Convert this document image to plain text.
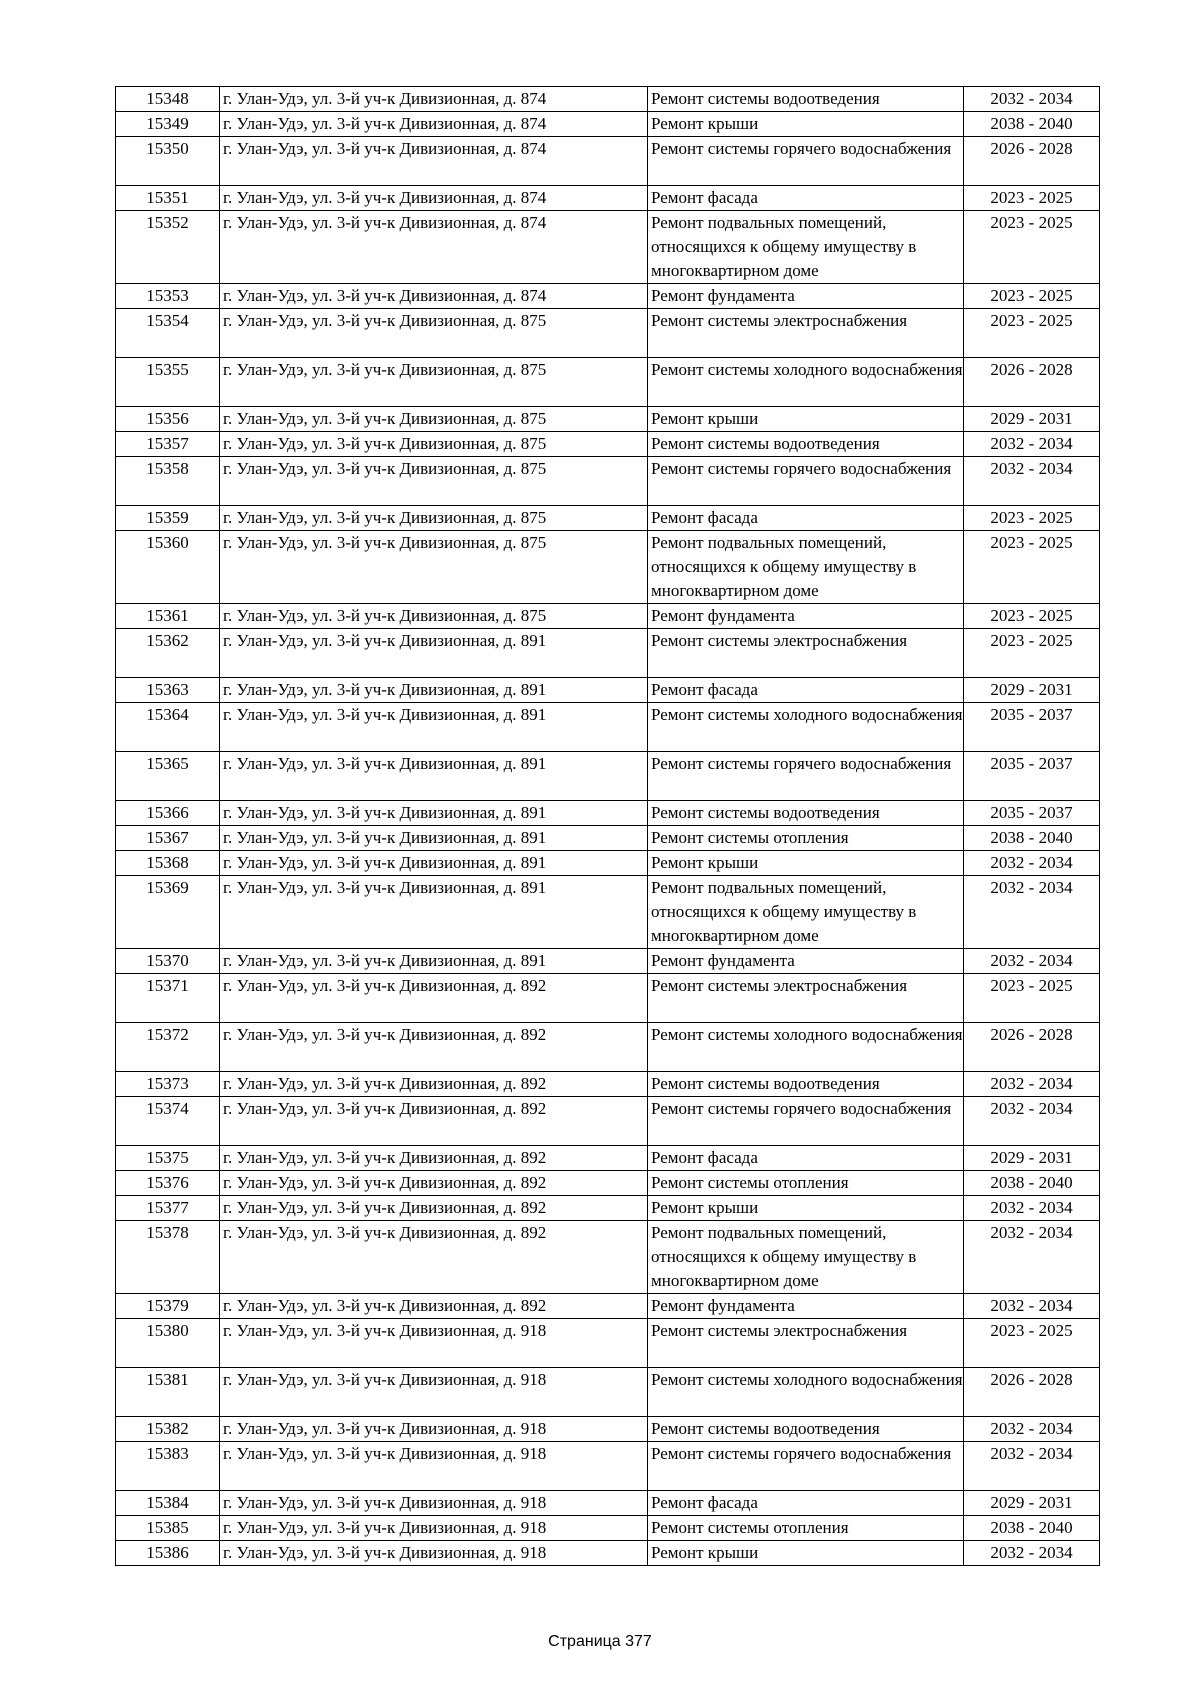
15348	г. Улан-Удэ, ул. 3-й уч-к Дивизионная, д. 874	Ремонт системы водоотведения	2032 - 2034
15349	г. Улан-Удэ, ул. 3-й уч-к Дивизионная, д. 874	Ремонт крыши	2038 - 2040
15350	г. Улан-Удэ, ул. 3-й уч-к Дивизионная, д. 874	Ремонт системы горячего водоснабжения	2026 - 2028
15351	г. Улан-Удэ, ул. 3-й уч-к Дивизионная, д. 874	Ремонт фасада	2023 - 2025
15352	г. Улан-Удэ, ул. 3-й уч-к Дивизионная, д. 874	Ремонт подвальных помещений, относящихся к общему имуществу в многоквартирном доме	2023 - 2025
15353	г. Улан-Удэ, ул. 3-й уч-к Дивизионная, д. 874	Ремонт фундамента	2023 - 2025
15354	г. Улан-Удэ, ул. 3-й уч-к Дивизионная, д. 875	Ремонт системы электроснабжения	2023 - 2025
15355	г. Улан-Удэ, ул. 3-й уч-к Дивизионная, д. 875	Ремонт системы холодного водоснабжения	2026 - 2028
15356	г. Улан-Удэ, ул. 3-й уч-к Дивизионная, д. 875	Ремонт крыши	2029 - 2031
15357	г. Улан-Удэ, ул. 3-й уч-к Дивизионная, д. 875	Ремонт системы водоотведения	2032 - 2034
15358	г. Улан-Удэ, ул. 3-й уч-к Дивизионная, д. 875	Ремонт системы горячего водоснабжения	2032 - 2034
15359	г. Улан-Удэ, ул. 3-й уч-к Дивизионная, д. 875	Ремонт фасада	2023 - 2025
15360	г. Улан-Удэ, ул. 3-й уч-к Дивизионная, д. 875	Ремонт подвальных помещений, относящихся к общему имуществу в многоквартирном доме	2023 - 2025
15361	г. Улан-Удэ, ул. 3-й уч-к Дивизионная, д. 875	Ремонт фундамента	2023 - 2025
15362	г. Улан-Удэ, ул. 3-й уч-к Дивизионная, д. 891	Ремонт системы электроснабжения	2023 - 2025
15363	г. Улан-Удэ, ул. 3-й уч-к Дивизионная, д. 891	Ремонт фасада	2029 - 2031
15364	г. Улан-Удэ, ул. 3-й уч-к Дивизионная, д. 891	Ремонт системы холодного водоснабжения	2035 - 2037
15365	г. Улан-Удэ, ул. 3-й уч-к Дивизионная, д. 891	Ремонт системы горячего водоснабжения	2035 - 2037
15366	г. Улан-Удэ, ул. 3-й уч-к Дивизионная, д. 891	Ремонт системы водоотведения	2035 - 2037
15367	г. Улан-Удэ, ул. 3-й уч-к Дивизионная, д. 891	Ремонт системы отопления	2038 - 2040
15368	г. Улан-Удэ, ул. 3-й уч-к Дивизионная, д. 891	Ремонт крыши	2032 - 2034
15369	г. Улан-Удэ, ул. 3-й уч-к Дивизионная, д. 891	Ремонт подвальных помещений, относящихся к общему имуществу в многоквартирном доме	2032 - 2034
15370	г. Улан-Удэ, ул. 3-й уч-к Дивизионная, д. 891	Ремонт фундамента	2032 - 2034
15371	г. Улан-Удэ, ул. 3-й уч-к Дивизионная, д. 892	Ремонт системы электроснабжения	2023 - 2025
15372	г. Улан-Удэ, ул. 3-й уч-к Дивизионная, д. 892	Ремонт системы холодного водоснабжения	2026 - 2028
15373	г. Улан-Удэ, ул. 3-й уч-к Дивизионная, д. 892	Ремонт системы водоотведения	2032 - 2034
15374	г. Улан-Удэ, ул. 3-й уч-к Дивизионная, д. 892	Ремонт системы горячего водоснабжения	2032 - 2034
15375	г. Улан-Удэ, ул. 3-й уч-к Дивизионная, д. 892	Ремонт фасада	2029 - 2031
15376	г. Улан-Удэ, ул. 3-й уч-к Дивизионная, д. 892	Ремонт системы отопления	2038 - 2040
15377	г. Улан-Удэ, ул. 3-й уч-к Дивизионная, д. 892	Ремонт крыши	2032 - 2034
15378	г. Улан-Удэ, ул. 3-й уч-к Дивизионная, д. 892	Ремонт подвальных помещений, относящихся к общему имуществу в многоквартирном доме	2032 - 2034
15379	г. Улан-Удэ, ул. 3-й уч-к Дивизионная, д. 892	Ремонт фундамента	2032 - 2034
15380	г. Улан-Удэ, ул. 3-й уч-к Дивизионная, д. 918	Ремонт системы электроснабжения	2023 - 2025
15381	г. Улан-Удэ, ул. 3-й уч-к Дивизионная, д. 918	Ремонт системы холодного водоснабжения	2026 - 2028
15382	г. Улан-Удэ, ул. 3-й уч-к Дивизионная, д. 918	Ремонт системы водоотведения	2032 - 2034
15383	г. Улан-Удэ, ул. 3-й уч-к Дивизионная, д. 918	Ремонт системы горячего водоснабжения	2032 - 2034
15384	г. Улан-Удэ, ул. 3-й уч-к Дивизионная, д. 918	Ремонт фасада	2029 - 2031
15385	г. Улан-Удэ, ул. 3-й уч-к Дивизионная, д. 918	Ремонт системы отопления	2038 - 2040
15386	г. Улан-Удэ, ул. 3-й уч-к Дивизионная, д. 918	Ремонт крыши	2032 - 2034
Страница 377
